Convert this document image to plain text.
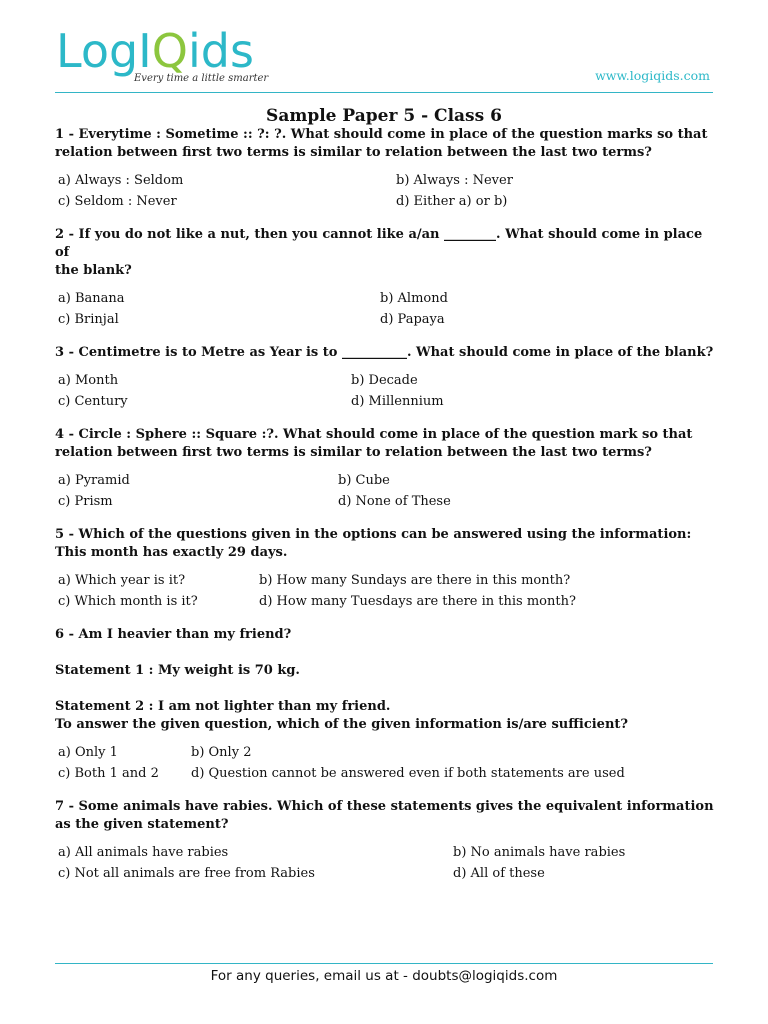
LogIQids
Every time a little smarter	www.logiqids.com
Sample Paper 5 - Class 6

1 - Everytime : Sometime :: ?: ?. What should come in place of the question marks so that

relation between first two terms is similar to relation between the last two terms?

a) Always : Seldom	b) Always : Never
c) Seldom : Never	d) Either a) or b)

2 - If you do not like a nut, then you cannot like a/an ________. What should come in place of

the blank?

a) Banana	b) Almond
c) Brinjal	d) Papaya

3 - Centimetre is to Metre as Year is to __________. What should come in place of the blank?

a) Month	b) Decade
c) Century	d) Millennium

4 - Circle : Sphere :: Square :?. What should come in place of the question mark so that

relation between first two terms is similar to relation between the last two terms?

a) Pyramid	b) Cube
c) Prism	d) None of These

5 - Which of the questions given in the options can be answered using the information:

This month has exactly 29 days.

a) Which year is it?	b) How many Sundays are there in this month?
c) Which month is it?	d) How many Tuesdays are there in this month?

6 - Am I heavier than my friend?

Statement 1 : My weight is 70 kg.

Statement 2 : I am not lighter than my friend.

To answer the given question, which of the given information is/are sufficient?

a) Only 1	b) Only 2
c) Both 1 and 2	d) Question cannot be answered even if both statements are used

7 - Some animals have rabies. Which of these statements gives the equivalent information

as the given statement?

a) All animals have rabies	b) No animals have rabies
c) Not all animals are free from Rabies	d) All of these
For any queries, email us at - doubts@logiqids.com
